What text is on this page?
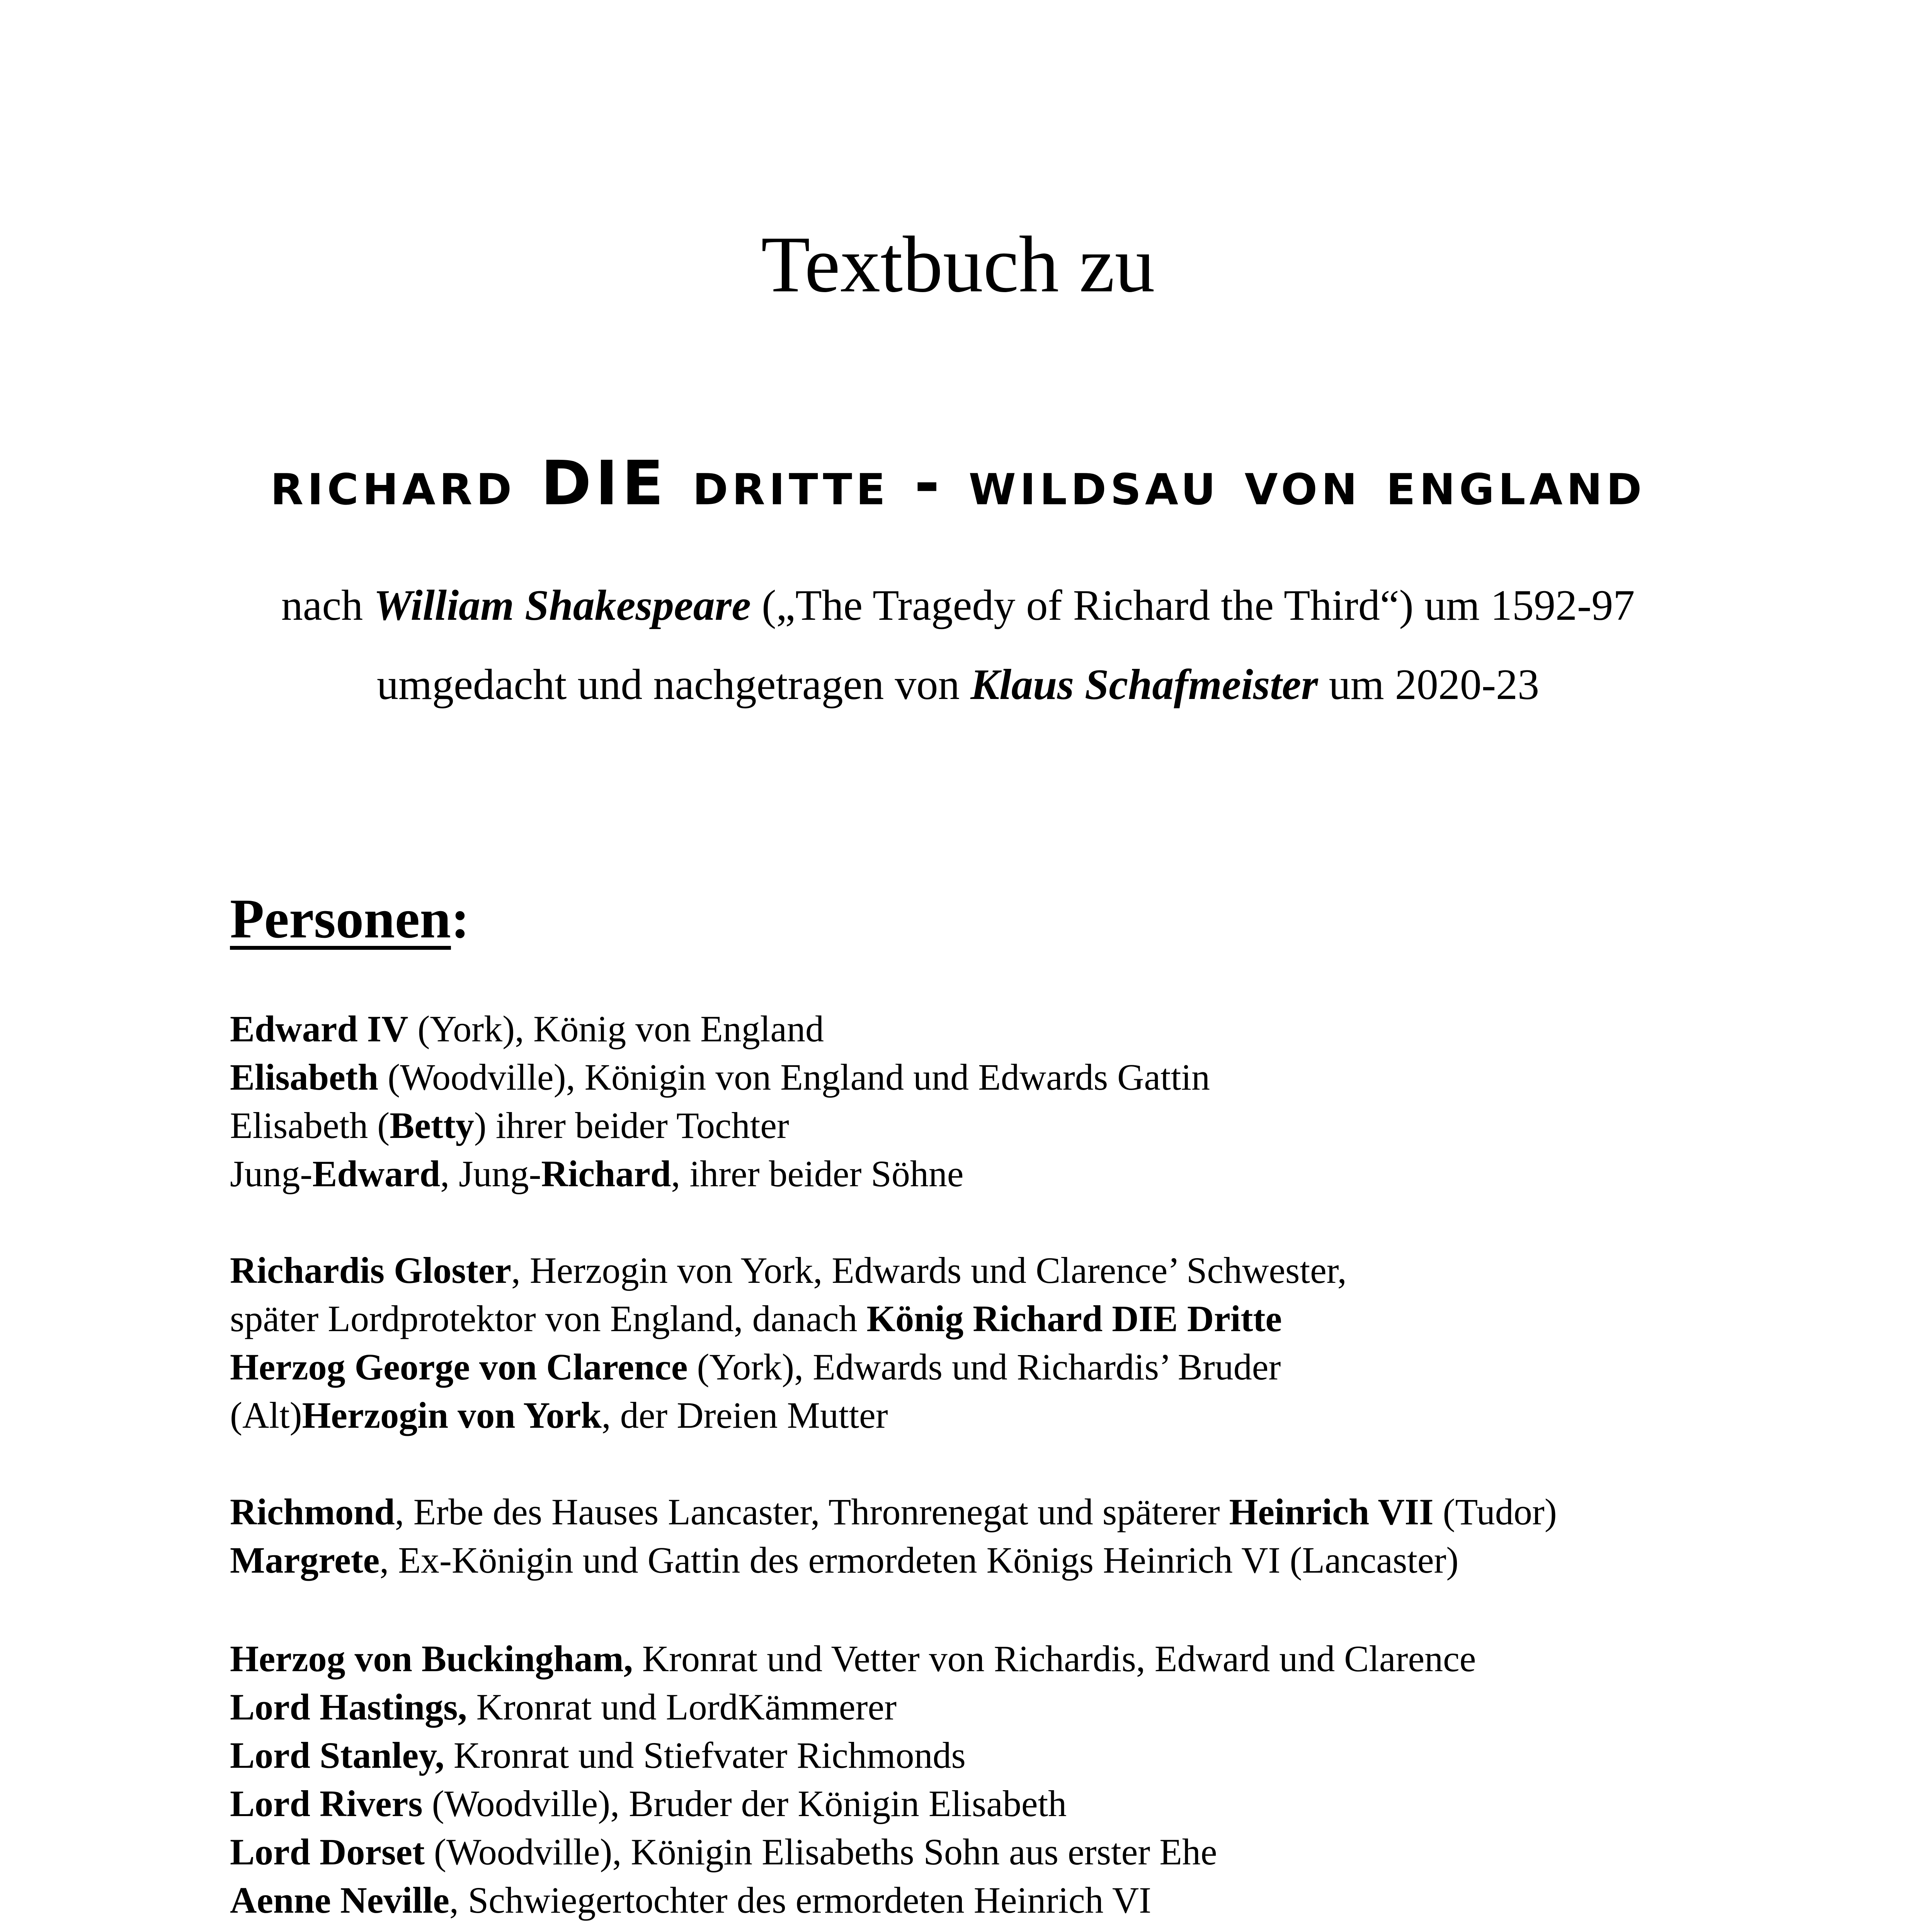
Textbuch zu
richard DIE dritte - wildsau von england
nach William Shakespeare („The Tragedy of Richard the Third“) um 1592-97
umgedacht und nachgetragen von Klaus Schafmeister um 2020-23
Personen:

Edward IV (York), König von England

Elisabeth (Woodville), Königin von England und Edwards Gattin

Elisabeth (Betty) ihrer beider Tochter

Jung-Edward, Jung-Richard, ihrer beider Söhne

Richardis Gloster, Herzogin von York, Edwards und Clarence’ Schwester,

später Lordprotektor von England, danach König Richard DIE Dritte

Herzog George von Clarence (York), Edwards und Richardis’ Bruder

(Alt)Herzogin von York, der Dreien Mutter

Richmond, Erbe des Hauses Lancaster, Thronrenegat und späterer Heinrich VII (Tudor)

Margrete, Ex-Königin und Gattin des ermordeten Königs Heinrich VI (Lancaster)

Herzog von Buckingham, Kronrat und Vetter von Richardis, Edward und Clarence

Lord Hastings, Kronrat und LordKämmerer

Lord Stanley, Kronrat und Stiefvater Richmonds

Lord Rivers (Woodville), Bruder der Königin Elisabeth

Lord Dorset (Woodville), Königin Elisabeths Sohn aus erster Ehe

Aenne Neville, Schwiegertochter des ermordeten Heinrich VI
